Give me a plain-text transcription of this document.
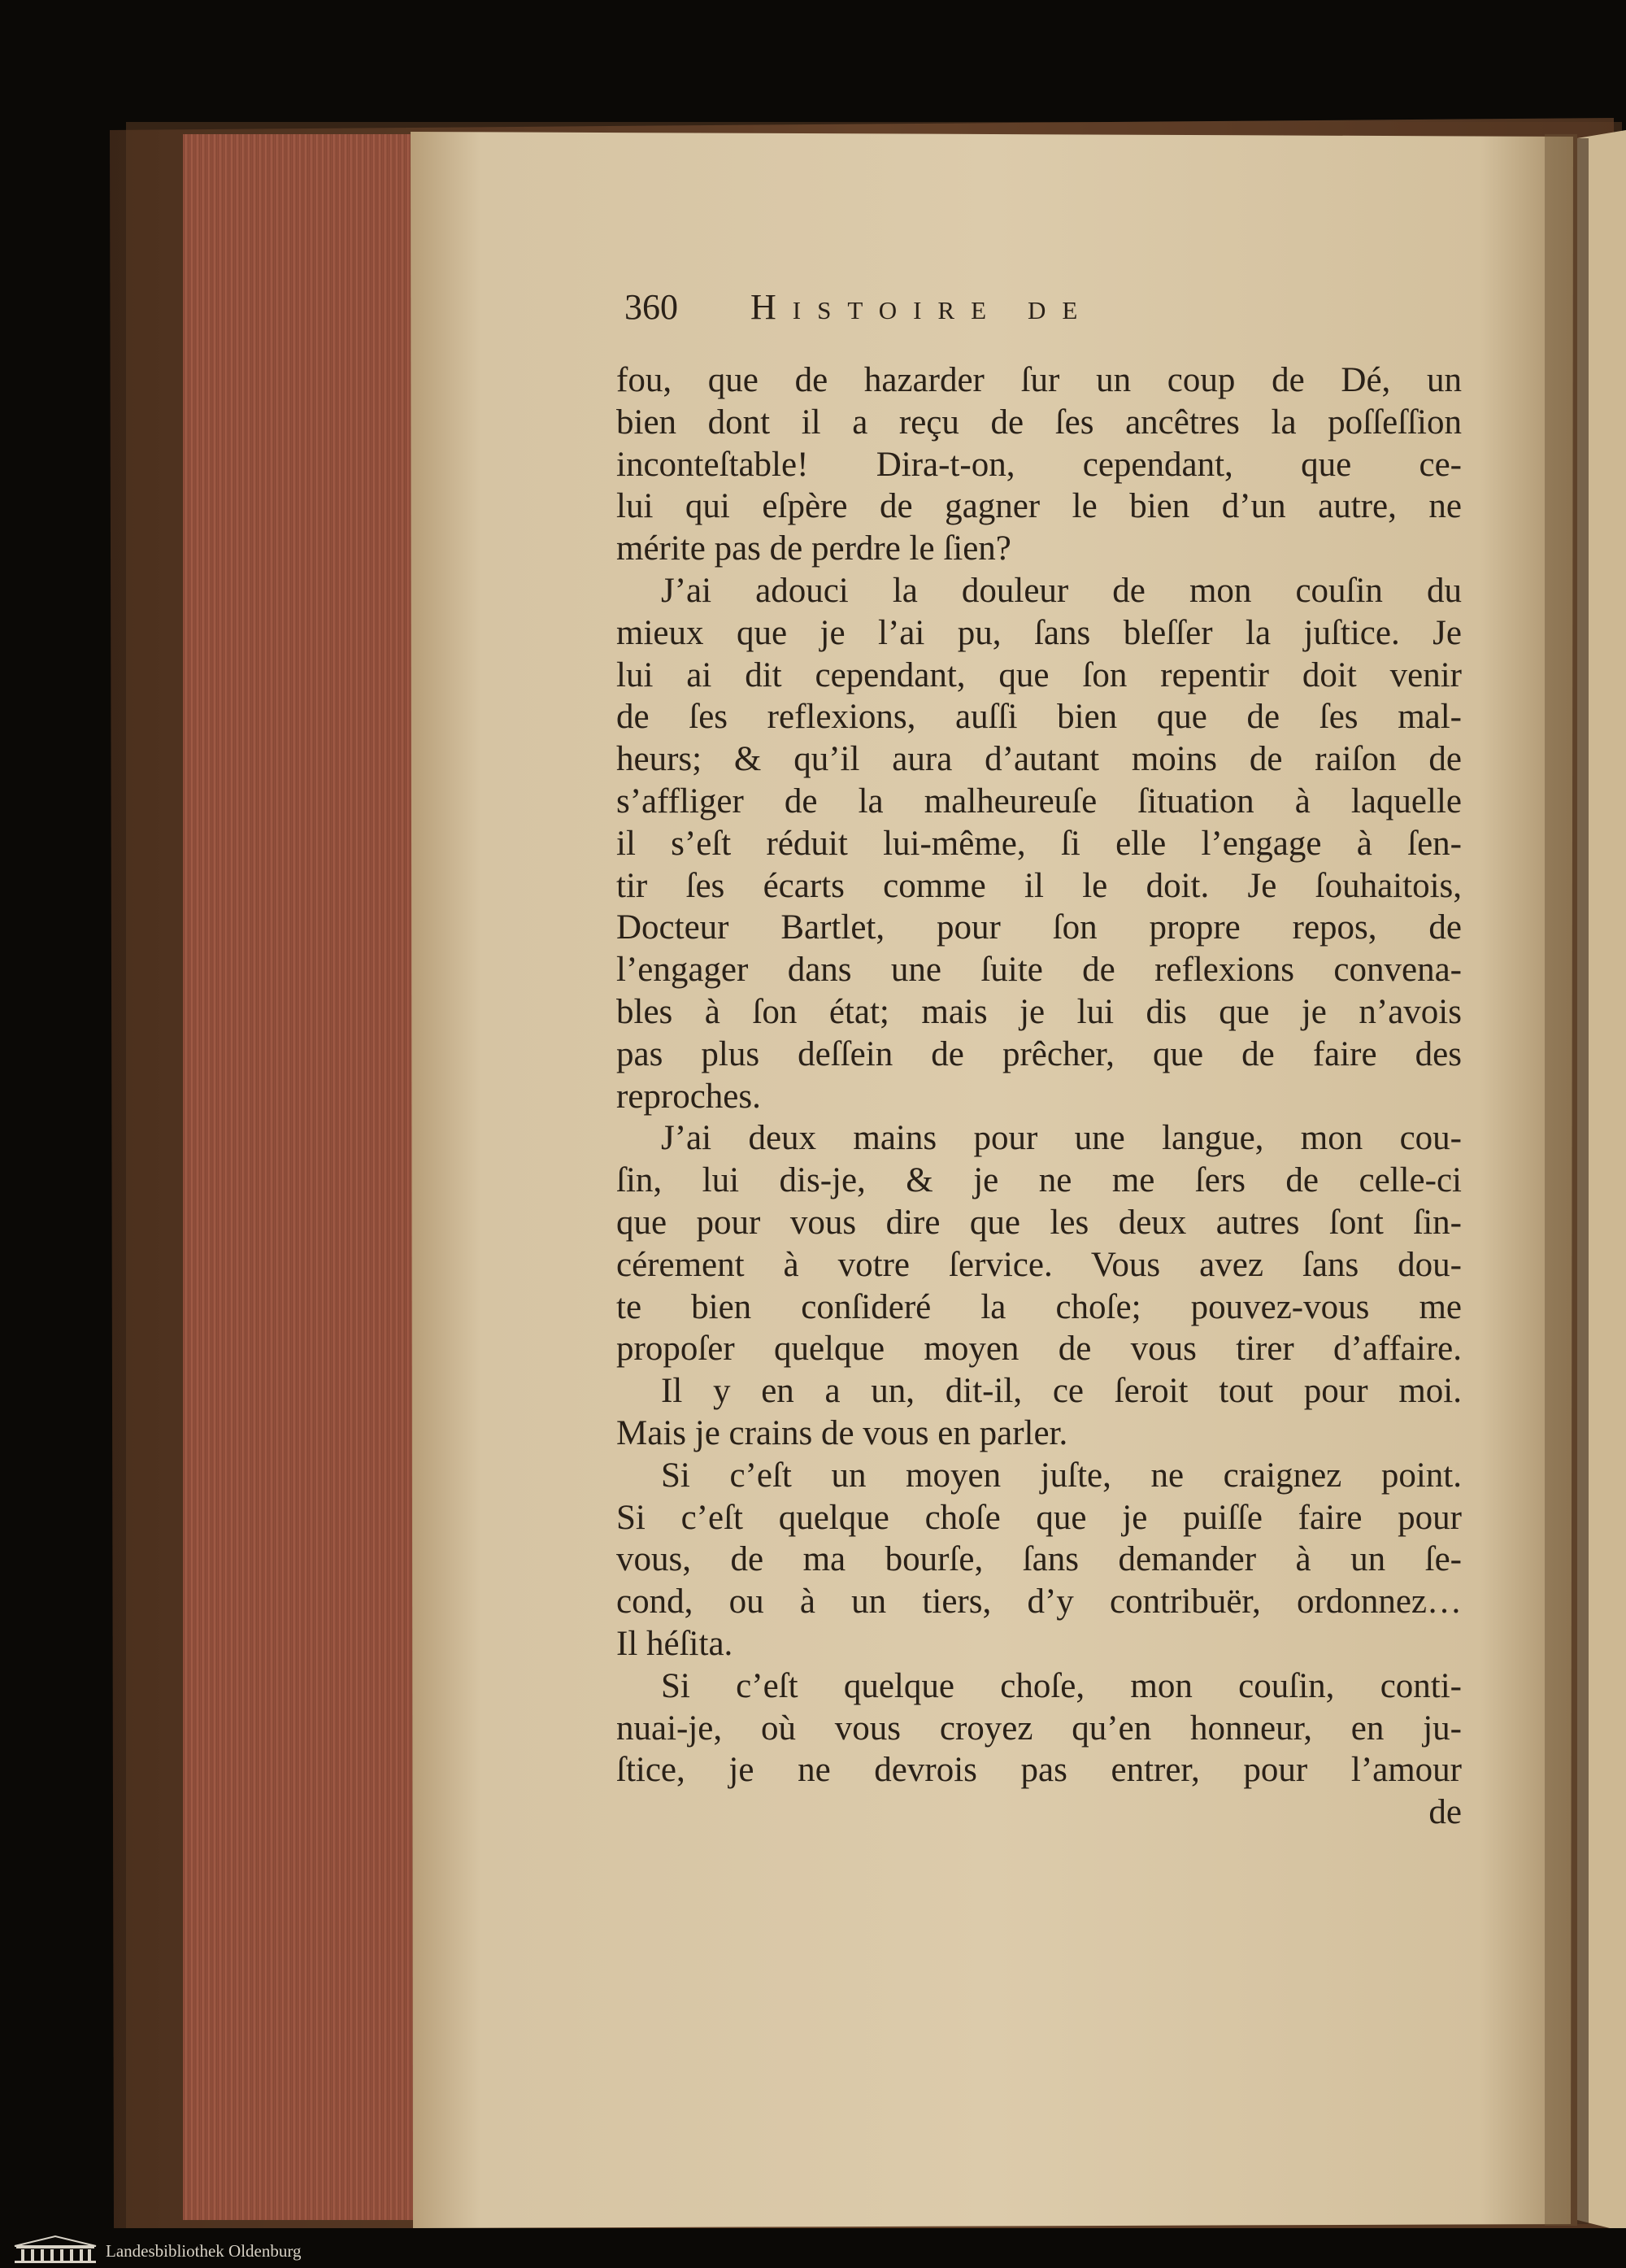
360 Histoire de
fou, que de hazarder ſur un coup de Dé, un
bien dont il a reçu de ſes ancêtres la poſſeſſion
inconteſtable! Dira-t-on, cependant, que ce-
lui qui eſpère de gagner le bien d’un autre, ne
mérite pas de perdre le ſien?
J’ai adouci la douleur de mon couſin du
mieux que je l’ai pu, ſans bleſſer la juſtice. Je
lui ai dit cependant, que ſon repentir doit venir
de ſes reflexions, auſſi bien que de ſes mal-
heurs; & qu’il aura d’autant moins de raiſon de
s’affliger de la malheureuſe ſituation à laquelle
il s’eſt réduit lui-même, ſi elle l’engage à ſen-
tir ſes écarts comme il le doit. Je ſouhaitois,
Docteur Bartlet, pour ſon propre repos, de
l’engager dans une ſuite de reflexions convena-
bles à ſon état; mais je lui dis que je n’avois
pas plus deſſein de prêcher, que de faire des
reproches.
J’ai deux mains pour une langue, mon cou-
ſin, lui dis-je, & je ne me ſers de celle-ci
que pour vous dire que les deux autres ſont ſin-
cérement à votre ſervice. Vous avez ſans dou-
te bien conſideré la choſe; pouvez-vous me
propoſer quelque moyen de vous tirer d’affaire.
Il y en a un, dit-il, ce ſeroit tout pour moi.
Mais je crains de vous en parler.
Si c’eſt un moyen juſte, ne craignez point.
Si c’eſt quelque choſe que je puiſſe faire pour
vous, de ma bourſe, ſans demander à un ſe-
cond, ou à un tiers, d’y contribuër, ordonnez…
Il héſita.
Si c’eſt quelque choſe, mon couſin, conti-
nuai-je, où vous croyez qu’en honneur, en ju-
ſtice, je ne devrois pas entrer, pour l’amour
de
Landesbibliothek Oldenburg
